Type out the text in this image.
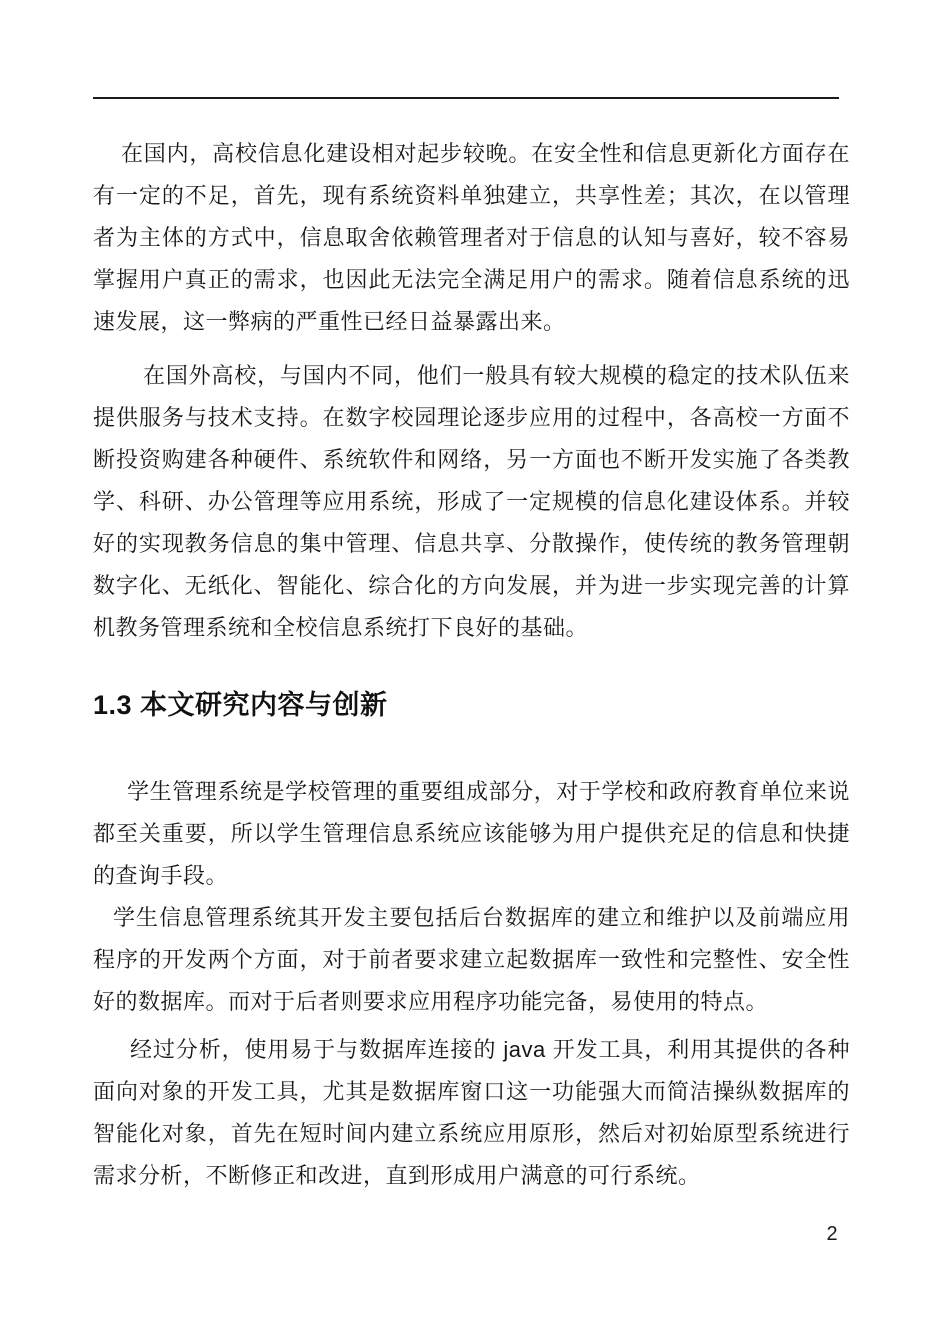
在国内，高校信息化建设相对起步较晚。在安全性和信息更新化方面存在有一定的不足，首先，现有系统资料单独建立，共享性差；其次，在以管理者为主体的方式中，信息取舍依赖管理者对于信息的认知与喜好，较不容易掌握用户真正的需求，也因此无法完全满足用户的需求。随着信息系统的迅速发展，这一弊病的严重性已经日益暴露出来。

在国外高校，与国内不同，他们一般具有较大规模的稳定的技术队伍来提供服务与技术支持。在数字校园理论逐步应用的过程中，各高校一方面不断投资购建各种硬件、系统软件和网络，另一方面也不断开发实施了各类教学、科研、办公管理等应用系统，形成了一定规模的信息化建设体系。并较好的实现教务信息的集中管理、信息共享、分散操作，使传统的教务管理朝数字化、无纸化、智能化、综合化的方向发展，并为进一步实现完善的计算机教务管理系统和全校信息系统打下良好的基础。

1.3 本文研究内容与创新

学生管理系统是学校管理的重要组成部分，对于学校和政府教育单位来说都至关重要，所以学生管理信息系统应该能够为用户提供充足的信息和快捷的查询手段。

学生信息管理系统其开发主要包括后台数据库的建立和维护以及前端应用程序的开发两个方面，对于前者要求建立起数据库一致性和完整性、安全性好的数据库。而对于后者则要求应用程序功能完备，易使用的特点。

经过分析，使用易于与数据库连接的 java 开发工具，利用其提供的各种面向对象的开发工具，尤其是数据库窗口这一功能强大而简洁操纵数据库的智能化对象，首先在短时间内建立系统应用原形，然后对初始原型系统进行需求分析，不断修正和改进，直到形成用户满意的可行系统。

2
